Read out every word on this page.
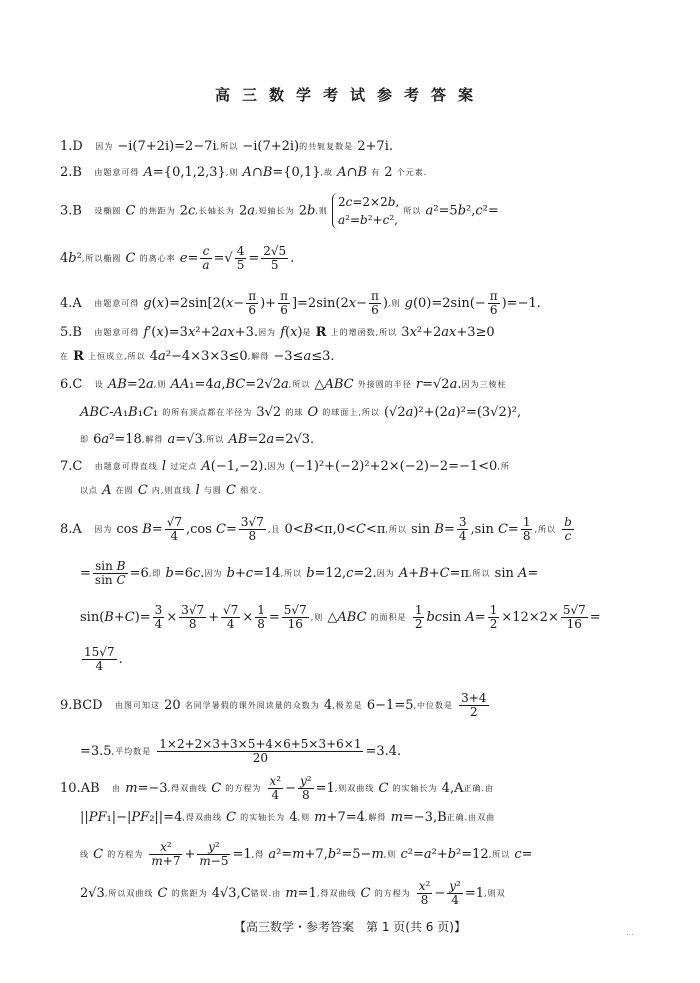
高三数学考试参考答案
1.D 因为 −i(7+2i)=2−7i,所以 −i(7+2i)的共轭复数是 2+7i.
2.B 由题意可得 A={0,1,2,3},则 A∩B={0,1},故 A∩B 有 2 个元素.
3.B 设椭圆 C 的焦距为 2c,长轴长为 2a,短轴长为 2b,则 2c=2×2b,
a²=b²+c², 所以 a²=5b²,c²=
4b²,所以椭圆 C 的离心率 $e= \frac{c}{a}$ =√ $\frac{4}{5} = \frac{2√5}{5}$ .
4.A 由题意可得 $g(x)=2\sin[2(x- \frac{\pi}{6}$ )+ $\frac{\pi}{6} ]=2\sin(2x- \frac{\pi}{6}$ ),则 $g(0)=2\sin(- \frac{\pi}{6} )=-1$.
5.B 由题意可得 f′(x)=3x²+2ax+3.因为 f(x)是 R 上的增函数,所以 3x²+2ax+3≥0
在 R 上恒成立,所以 4a²−4×3×3≤0,解得 −3≤a≤3.
6.C 设 AB=2a,则 AA₁=4a,BC=2√2a,所以 △ABC 外接圆的半径 r=√2a.因为三棱柱
ABC-A₁B₁C₁ 的所有顶点都在半径为 3√2 的球 O 的球面上,所以 (√2a)²+(2a)²=(3√2)²,
即 6a²=18,解得 a=√3,所以 AB=2a=2√3.
7.C 由题意可得直线 l 过定点 A(−1,−2).因为 (−1)²+(−2)²+2×(−2)−2=−1<0,所
以点 A 在圆 C 内,则直线 l 与圆 C 相交.
8.A 因为 $\cos B= \frac{√7}{4} ,\cos$ $C= \frac{3√7}{8}$ ,且 0<B<π,0<C<π,所以 $\sin B= \frac{3}{4} ,\sin$ $C= \frac{1}{8}$ ,所以 $\frac{b}{c}$
= $\frac{\text{sin B}}{\text{sin C}} =6$,即 b=6c.因为 b+c=14,所以 b=12,c=2.因为 A+B+C=π,所以 sin A=
$\sin(B+C)= \frac{3}{4} \times \frac{3√7}{8} + \frac{√7}{4} \times \frac{1}{8} = \frac{5√7}{16}$ ,则 △ABC 的面积是 $\frac{1}{2}$ bcsin $A= \frac{1}{2} \times 12\times 2\times \frac{5√7}{16}$ =
$\frac{15√7}{4}$ .
9.BCD 由图可知这 20 名同学暑假的课外阅读量的众数为 4,极差是 6−1=5,中位数是 $\frac{3+4}{2}$
=3.5,平均数是 $\frac{1\times 2+2\times 3+3\times 5+4\times 6+5\times 3+6\times 1}{20} =3.4$.
10.AB 由 m=−3,得双曲线 C 的方程为 $\frac{\text{x²}}{4} - \frac{\text{y²}}{8} =1$,则双曲线 C 的实轴长为 4,A正确.由
||PF₁|−|PF₂||=4,得双曲线 C 的实轴长为 4,则 m+7=4,解得 m=−3,B正确.由双曲
线 C 的方程为 $\frac{\text{x²}}{m+7} + \frac{\text{y²}}{m-5} =1$,得 a²=m+7,b²=5−m,则 c²=a²+b²=12,所以 c=
2√3,所以双曲线 C 的焦距为 4√3,C错误.由 m=1,得双曲线 C 的方程为 $\frac{\text{x²}}{8} - \frac{\text{y²}}{4} =1$,则双
【高三数学・参考答案　第 1 页(共 6 页)】	…
